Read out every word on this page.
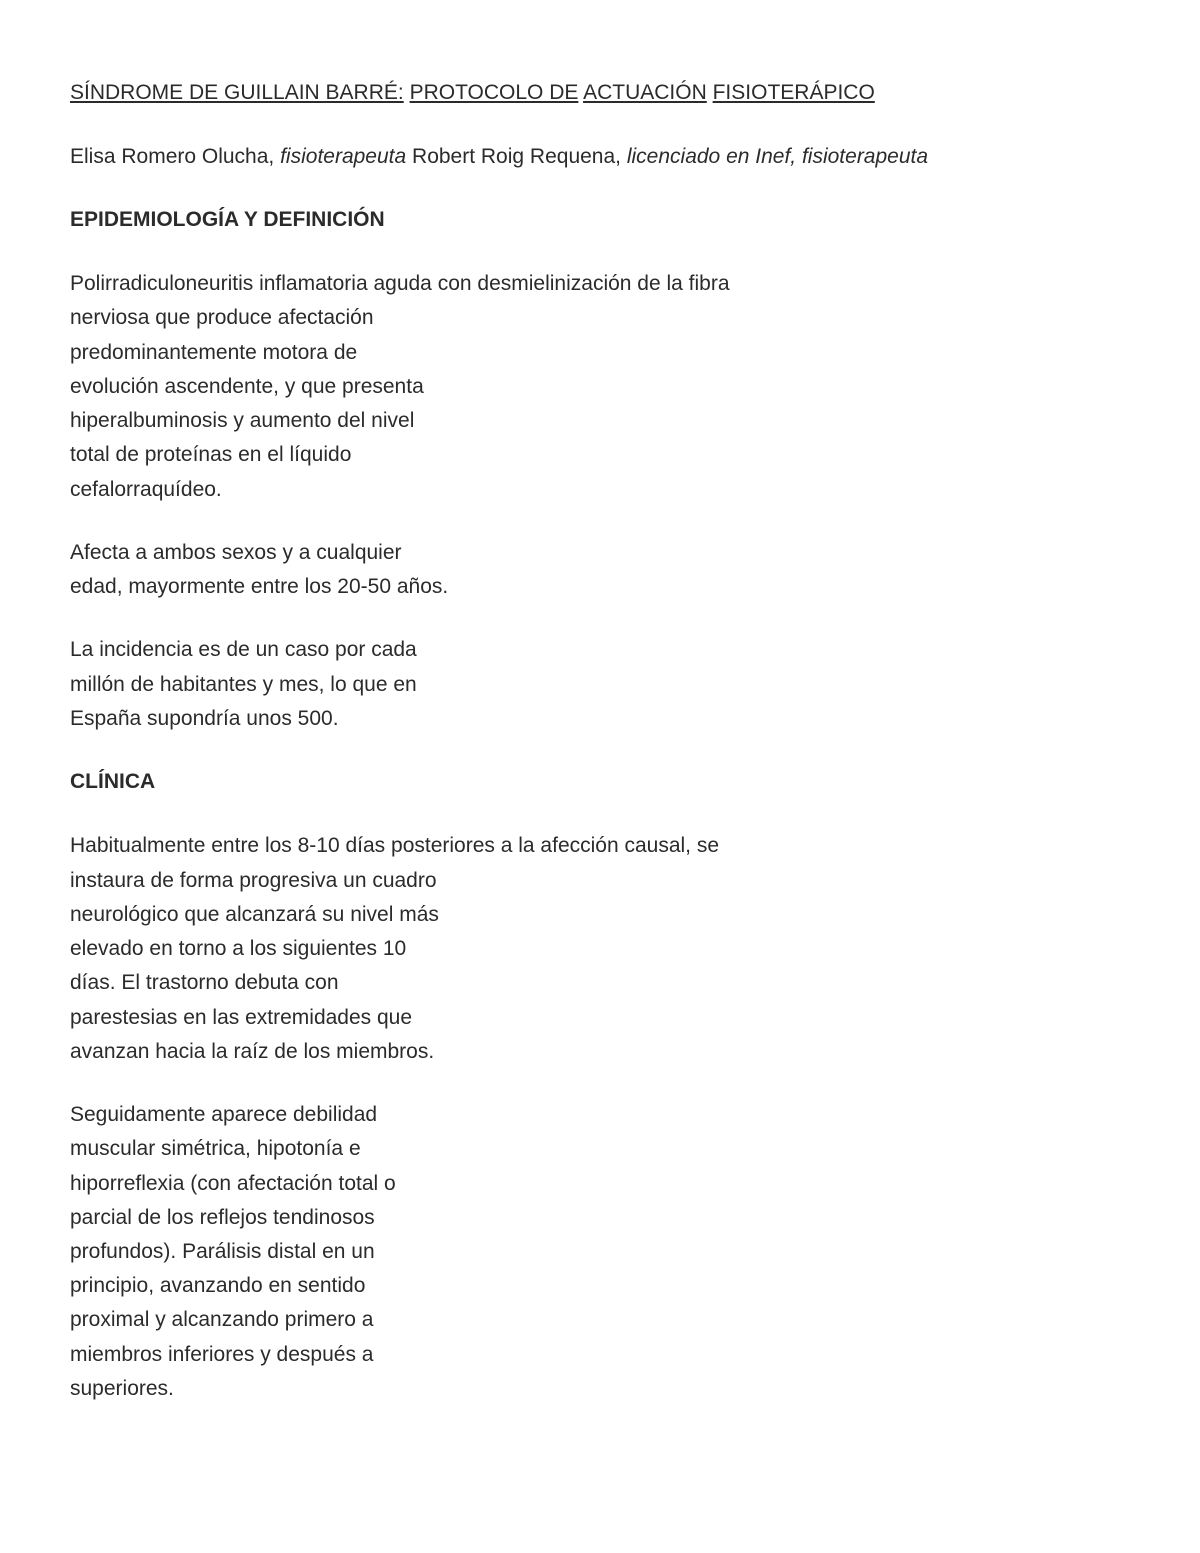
SÍNDROME DE GUILLAIN BARRÉ: PROTOCOLO DE ACTUACIÓN FISIOTERÁPICO
Elisa Romero Olucha, fisioterapeuta Robert Roig Requena, licenciado en Inef, fisioterapeuta
EPIDEMIOLOGÍA Y DEFINICIÓN
Polirradiculoneuritis inflamatoria aguda con desmielinización de la fibra
nerviosa que produce afectación
predominantemente motora de
evolución ascendente, y que presenta
hiperalbuminosis y aumento del nivel
total de proteínas en el líquido
cefalorraquídeo.
Afecta a ambos sexos y a cualquier
edad, mayormente entre los 20-50 años.
La incidencia es de un caso por cada
millón de habitantes y mes, lo que en
España supondría unos 500.
CLÍNICA
Habitualmente entre los 8-10 días posteriores a la afección causal, se
instaura de forma progresiva un cuadro
neurológico que alcanzará su nivel más
elevado en torno a los siguientes 10
días. El trastorno debuta con
parestesias en las extremidades que
avanzan hacia la raíz de los miembros.
Seguidamente aparece debilidad
muscular simétrica, hipotonía e
hiporreflexia (con afectación total o
parcial de los reflejos tendinosos
profundos). Parálisis distal en un
principio, avanzando en sentido
proximal y alcanzando primero a
miembros inferiores y después a
superiores.
